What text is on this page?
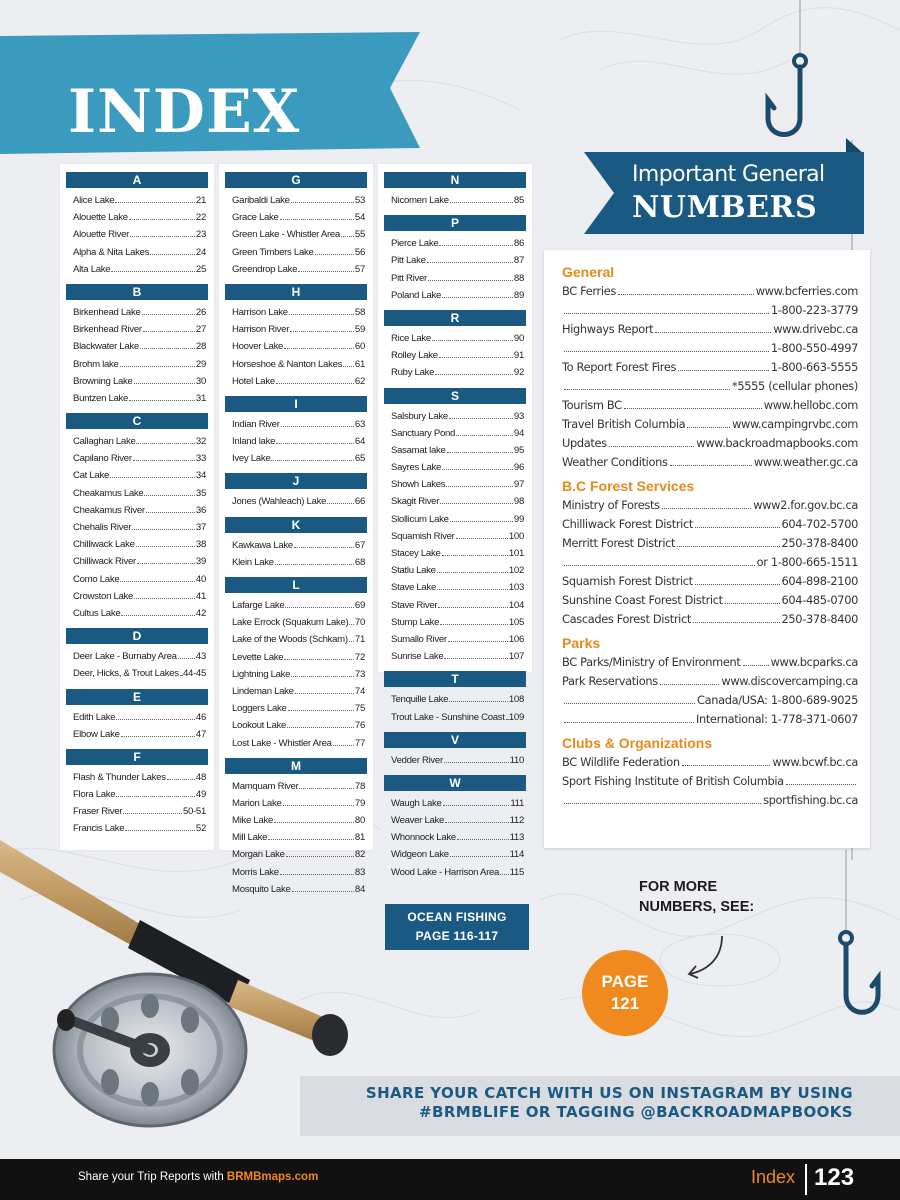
INDEX
A
Alice Lake	21
Alouette Lake	22
Alouette River	23
Alpha & Nita Lakes	24
Alta Lake	25
B
Birkenhead Lake	26
Birkenhead River	27
Blackwater Lake	28
Brohm lake	29
Browning Lake	30
Buntzen Lake	31
C
Callaghan Lake	32
Capilano River	33
Cat Lake	34
Cheakamus Lake	35
Cheakamus River	36
Chehalis River	37
Chilliwack Lake	38
Chilliwack River	39
Como Lake	40
Crowston Lake	41
Cultus Lake	42
D
Deer Lake - Burnaby Area 43
Deer, Hicks, & Trout Lakes 44-45
E
Edith Lake	46
Elbow Lake	47
F
Flash & Thunder Lakes	48
Flora Lake	49
Fraser River	50-51
Francis Lake	52
G
Garibaldi Lake	53
Grace Lake	54
Green Lake - Whistler Area 55
Green Timbers Lake	56
Greendrop Lake	57
H
Harrison Lake	58
Harrison River	59
Hoover Lake	60
Horseshoe & Nanton Lakes 61
Hotel Lake	62
I
Indian River	63
Inland lake	64
Ivey Lake	65
J
Jones (Wahleach) Lake	66
K
Kawkawa Lake	67
Klein Lake	68
L
Lafarge Lake	69
Lake Errock (Squakum Lake) 70
Lake of the Woods (Schkam) 71
Levette Lake	72
Lightning Lake	73
Lindeman Lake	74
Loggers Lake	75
Lookout Lake	76
Lost Lake - Whistler Area 77
M
Mamquam River	78
Marion Lake	79
Mike Lake	80
Mill Lake	81
Morgan Lake	82
Morris Lake	83
Mosquito Lake	84
N
Nicomen Lake	85
P
Pierce Lake	86
Pitt Lake	87
Pitt River	88
Poland Lake	89
R
Rice Lake	90
Rolley Lake	91
Ruby Lake	92
S
Salsbury Lake	93
Sanctuary Pond	94
Sasamat lake	95
Sayres Lake	96
Showh Lakes	97
Skagit River	98
Slollicum Lake	99
Squamish River	100
Stacey Lake	101
Statlu Lake	102
Stave Lake	103
Stave River	104
Stump Lake	105
Sumallo River	106
Sunrise Lake	107
T
Tenquille Lake	108
Trout Lake - Sunshine Coast 109
V
Vedder River	110
W
Waugh Lake	111
Weaver Lake	112
Whonnock Lake	113
Widgeon Lake	114
Wood Lake - Harrison Area 115
OCEAN FISHING
PAGE 116-117
Important General
NUMBERS
General
BC Ferries	www.bcferries.com
1-800-223-3779
Highways Report	www.drivebc.ca
1-800-550-4997
To Report Forest Fires	1-800-663-5555
*5555 (cellular phones)
Tourism BC	www.hellobc.com
Travel British Columbia	www.campingrvbc.com
Updates	www.backroadmapbooks.com
Weather Conditions	www.weather.gc.ca
B.C Forest Services
Ministry of Forests	www2.for.gov.bc.ca
Chilliwack Forest District	604-702-5700
Merritt Forest District	250-378-8400
or 1-800-665-1511
Squamish Forest District	604-898-2100
Sunshine Coast Forest District	604-485-0700
Cascades Forest District	250-378-8400
Parks
BC Parks/Ministry of Environment	www.bcparks.ca
Park Reservations	www.discovercamping.ca
Canada/USA: 1-800-689-9025
International: 1-778-371-0607
Clubs & Organizations
BC Wildlife Federation	www.bcwf.bc.ca
Sport Fishing Institute of British Columbia
sportfishing.bc.ca
FOR MORE
NUMBERS, SEE:
PAGE
121
SHARE YOUR CATCH WITH US ON INSTAGRAM BY USING
#BRMBLIFE OR TAGGING @BACKROADMAPBOOKS
Share your Trip Reports with BRMBmaps.com	Index 123
